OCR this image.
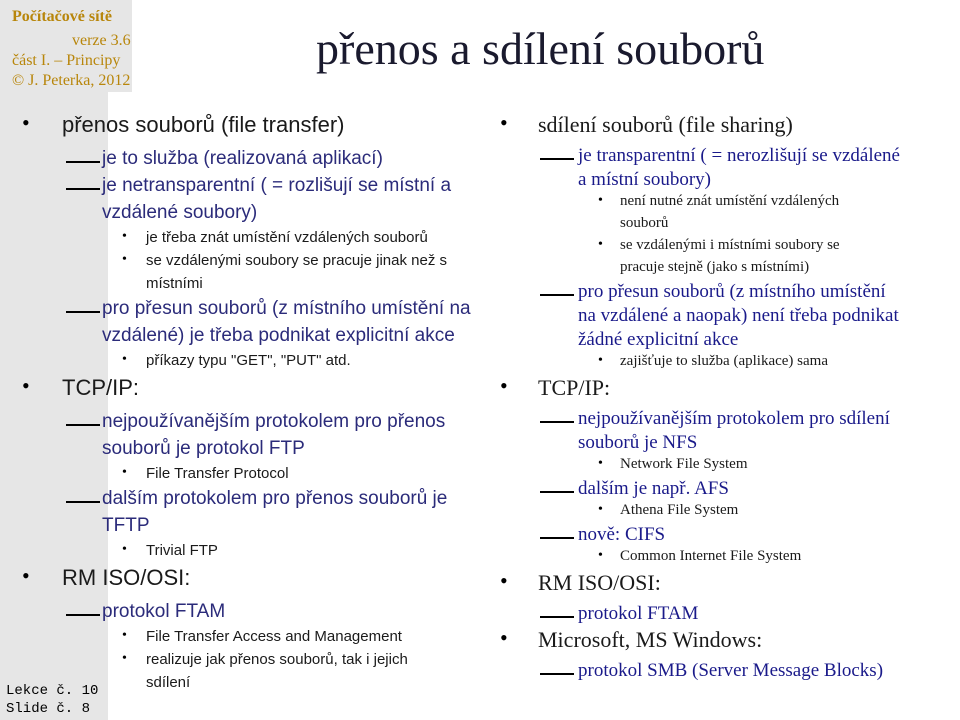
Počítačové sítě
verze 3.6
část I. – Principy
© J. Peterka, 2012
přenos a sdílení souborů
Lekce č. 10
Slide č. 8
• přenos souborů (file transfer)
je to služba (realizovaná aplikací)
je netransparentní ( = rozlišují se místní a
vzdálené soubory)
• je třeba znát umístění vzdálených souborů
• se vzdálenými soubory se pracuje jinak než s
místními
pro přesun souborů (z místního umístění na
vzdálené) je třeba podnikat explicitní akce
• příkazy typu "GET", "PUT" atd.
• TCP/IP:
nejpoužívanějším protokolem pro přenos
souborů je protokol FTP
• File Transfer Protocol
dalším protokolem pro přenos souborů je
TFTP
• Trivial FTP
• RM ISO/OSI:
protokol FTAM
• File Transfer Access and Management
• realizuje jak přenos souborů, tak i jejich
sdílení
• sdílení souborů (file sharing)
je transparentní ( = nerozlišují se vzdálené
a místní soubory)
• není nutné znát umístění vzdálených
souborů
• se vzdálenými i místními soubory se
pracuje stejně (jako s místními)
pro přesun souborů (z místního umístění
na vzdálené a naopak) není třeba podnikat
žádné explicitní akce
• zajišťuje to služba (aplikace) sama
• TCP/IP:
nejpoužívanějším protokolem pro sdílení
souborů je NFS
• Network File System
dalším je např. AFS
• Athena File System
nově: CIFS
• Common Internet File System
• RM ISO/OSI:
protokol FTAM
• Microsoft, MS Windows:
protokol SMB (Server Message Blocks)
